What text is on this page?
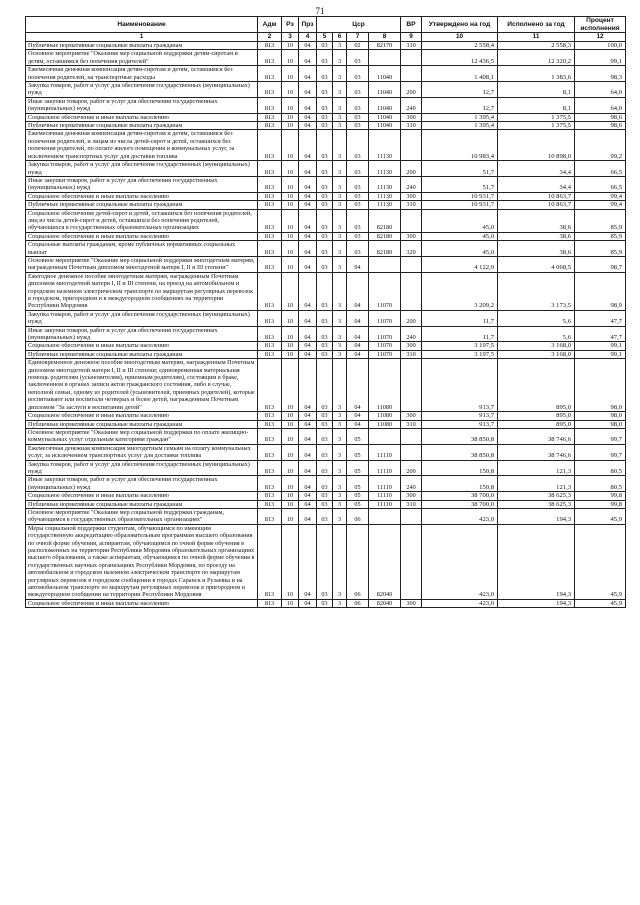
71
Наименование	Адм	Рз	Прз	Цср				ВР	Утверждено на год	Исполнено за год	Процент исполнения
1	2	3	4	5	6	7	8	9	10	11	12
Публичные нормативные социальные выплаты гражданам	813	10	04	03	3	02	82170	310	2 558,4	2 558,3	100,0
Основное мероприятие "Оказание мер социальной поддержки детям-сиротам и детям, оставшимся без попечения родителей"	813	10	04	03	3	03			12 436,5	12 320,2	99,1
Ежемесячная денежная компенсация детям-сиротам и детям, оставшимся без попечения родителей, на транспортные расходы	813	10	04	03	3	03	11040		1 408,1	1 383,6	98,3
Закупка товаров, работ и услуг для обеспечения государственных (муниципальных) нужд	813	10	04	03	3	03	11040	200	12,7	8,1	64,0
Иные закупки товаров, работ и услуг для обеспечения государственных (муниципальных) нужд	813	10	04	03	3	03	11040	240	12,7	8,1	64,0
Социальное обеспечение и иные выплаты населению	813	10	04	03	3	03	11040	300	1 395,4	1 375,5	98,6
Публичные нормативные социальные выплаты гражданам	813	10	04	03	3	03	11040	310	1 395,4	1 375,5	98,6
Ежемесячная денежная компенсация детям-сиротам и детям, оставшимся без попечения родителей, и лицам из числа детей-сирот и детей, оставшихся без попечения родителей, по оплате жилого помещения и коммунальных услуг, за исключением транспортных услуг для доставки топлива	813	10	04	03	3	03	11130		10 983,4	10 898,0	99,2
Закупка товаров, работ и услуг для обеспечения государственных (муниципальных) нужд	813	10	04	03	3	03	11130	200	51,7	34,4	66,5
Иные закупки товаров, работ и услуг для обеспечения государственных (муниципальных) нужд	813	10	04	03	3	03	11130	240	51,7	34,4	66,5
Социальное обеспечение и иные выплаты населению	813	10	04	03	3	03	11130	300	10 931,7	10 863,7	99,4
Публичные нормативные социальные выплаты гражданам	813	10	04	03	3	03	11130	310	10 931,7	10 863,7	99,4
Социальное обеспечение детей-сирот и детей, оставшихся без попечения родителей, лиц из числа детей-сирот и детей, оставшихся без попечения родителей, обучающихся в государственных образовательных организациях	813	10	04	03	3	03	82180		45,0	38,6	85,9
Социальное обеспечение и иные выплаты населению	813	10	04	03	3	03	82180	300	45,0	38,6	85,9
Социальные выплаты гражданам, кроме публичных нормативных социальных выплат	813	10	04	03	3	03	82180	320	45,0	38,6	85,9
Основное мероприятие "Оказание мер социальной поддержки многодетным матерям, награжденным Почетным дипломом многодетной матери I, II и III степени"	813	10	04	03	3	04			4 122,9	4 068,5	98,7
Ежегодное денежное пособие многодетным матерям, награжденным Почетным дипломом многодетной матери I, II и III степени, на проезд на автомобильном и городском наземном электрическом транспорте по маршрутам регулярных перевозок в городском, пригородном и в междугородном сообщениях на территории Республики Мордовия	813	10	04	03	3	04	11070		3 209,2	3 173,5	98,9
Закупка товаров, работ и услуг для обеспечения государственных (муниципальных) нужд	813	10	04	03	3	04	11070	200	11,7	5,6	47,7
Иные закупки товаров, работ и услуг для обеспечения государственных (муниципальных) нужд	813	10	04	03	3	04	11070	240	11,7	5,6	47,7
Социальное обеспечение и иные выплаты населению	813	10	04	03	3	04	11070	300	3 197,5	3 168,0	99,1
Публичные нормативные социальные выплаты гражданам	813	10	04	03	3	04	11070	310	3 197,5	3 168,0	99,1
Единовременное денежное пособие многодетным матерям, награжденным Почетным дипломом многодетной матери I, II и III степени; единовременная материальная помощь родителям (усыновителям), приемным родителям), состоящим в браке, заключенном в органах записи актов гражданского состояния, либо в случае, неполной семьи, одному из родителей (усыновителей, приемных родителей), которые воспитывают или воспитали четверых и более детей, награжденным Почетным дипломом "За заслуги в воспитании детей"	813	10	04	03	3	04	11080		913,7	895,0	98,0
Социальное обеспечение и иные выплаты населению	813	10	04	03	3	04	11080	300	913,7	895,0	98,0
Публичные нормативные социальные выплаты гражданам	813	10	04	03	3	04	11080	310	913,7	895,0	98,0
Основное мероприятие "Оказание мер социальной поддержки по оплате жилищно-коммунальных услуг отдельным категориям граждан"	813	10	04	03	3	05			38 850,8	38 746,6	99,7
Ежемесячная денежная компенсация многодетным семьям на оплату коммунальных услуг, за исключением транспортных услуг для доставки топлива	813	10	04	03	3	05	11110		38 850,8	38 746,6	99,7
Закупка товаров, работ и услуг для обеспечения государственных (муниципальных) нужд	813	10	04	03	3	05	11110	200	150,8	121,3	80,5
Иные закупки товаров, работ и услуг для обеспечения государственных (муниципальных) нужд	813	10	04	03	3	05	11110	240	150,8	121,3	80,5
Социальное обеспечение и иные выплаты населению	813	10	04	03	3	05	11110	300	38 700,0	38 625,3	99,8
Публичные нормативные социальные выплаты гражданам	813	10	04	03	3	05	11110	310	38 700,0	38 625,3	99,8
Основное мероприятие "Оказание мер социальной поддержки гражданам, обучающимся в государственных образовательных организациях"	813	10	04	03	3	06			423,0	194,3	45,9
Меры социальной поддержки студентам, обучающимся по имеющим государственную аккредитацию образовательным программам высшего образования по очной форме обучения, аспирантам, обучающимся по очной форме обучения в расположенных на территории Республики Мордовия образовательных организациях высшего образования, а также аспирантам, обучающимся по очной форме обучения в государственных научных организациях Республики Мордовия, по проезду на автомобильном и городском наземном электрическом транспорте по маршрутам регулярных перевозок в городском сообщении в городах Саранск и Рузаевка и на автомобильном транспорте по маршрутам регулярных перевозок в пригородном и междугородном сообщении на территории Республики Мордовия	813	10	04	03	3	06	82040		423,0	194,3	45,9
Социальное обеспечение и иные выплаты населению	813	10	04	03	3	06	82040	300	423,0	194,3	45,9
